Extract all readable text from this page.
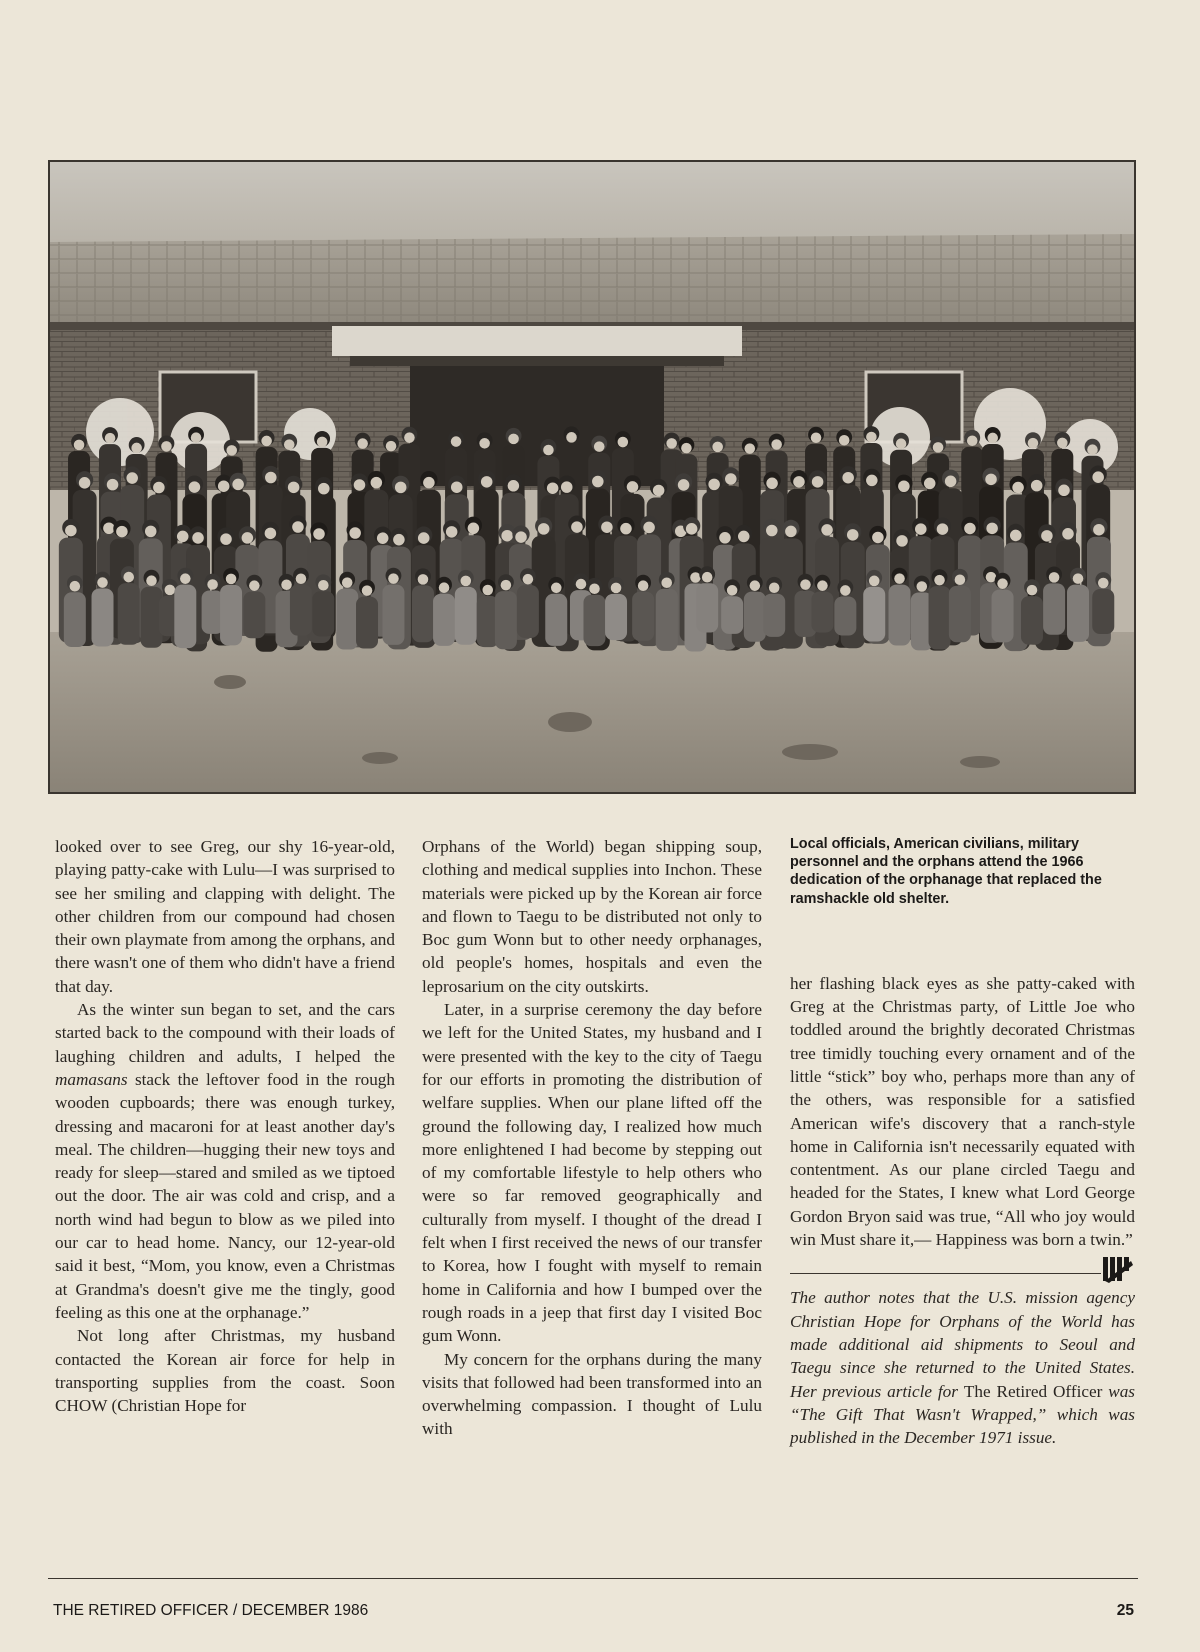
looked over to see Greg, our shy 16-year-old, playing patty-cake with Lulu—I was surprised to see her smiling and clapping with delight. The other children from our compound had chosen their own playmate from among the orphans, and there wasn't one of them who didn't have a friend that day.

As the winter sun began to set, and the cars started back to the compound with their loads of laughing children and adults, I helped the mamasans stack the leftover food in the rough wooden cupboards; there was enough turkey, dressing and macaroni for at least another day's meal. The children—hugging their new toys and ready for sleep—stared and smiled as we tiptoed out the door. The air was cold and crisp, and a north wind had begun to blow as we piled into our car to head home. Nancy, our 12-year-old said it best, “Mom, you know, even a Christmas at Grandma's doesn't give me the tingly, good feeling as this one at the orphanage.”

Not long after Christmas, my husband contacted the Korean air force for help in transporting supplies from the coast. Soon CHOW (Christian Hope for

Orphans of the World) began shipping soup, clothing and medical supplies into Inchon. These materials were picked up by the Korean air force and flown to Taegu to be distributed not only to Boc gum Wonn but to other needy orphanages, old people's homes, hospitals and even the leprosarium on the city outskirts.

Later, in a surprise ceremony the day before we left for the United States, my husband and I were presented with the key to the city of Taegu for our efforts in promoting the distribution of welfare supplies. When our plane lifted off the ground the following day, I realized how much more enlightened I had become by stepping out of my comfortable lifestyle to help others who were so far removed geographically and culturally from myself. I thought of the dread I felt when I first received the news of our transfer to Korea, how I fought with myself to remain home in California and how I bumped over the rough roads in a jeep that first day I visited Boc gum Wonn.

My concern for the orphans during the many visits that followed had been transformed into an overwhelming compassion. I thought of Lulu with

Local officials, American civilians, military personnel and the orphans attend the 1966 dedication of the orphanage that replaced the ramshackle old shelter.

her flashing black eyes as she patty-caked with Greg at the Christmas party, of Little Joe who toddled around the brightly decorated Christmas tree timidly touching every ornament and of the little “stick” boy who, perhaps more than any of the others, was responsible for a satisfied American wife's discovery that a ranch-style home in California isn't necessarily equated with contentment. As our plane circled Taegu and headed for the States, I knew what Lord George Gordon Bryon said was true, “All who joy would win Must share it,— Happiness was born a twin.”

The author notes that the U.S. mission agency Christian Hope for Orphans of the World has made additional aid shipments to Seoul and Taegu since she returned to the United States. Her previous article for The Retired Officer was “The Gift That Wasn't Wrapped,” which was published in the December 1971 issue.

THE RETIRED OFFICER / DECEMBER 1986	25
